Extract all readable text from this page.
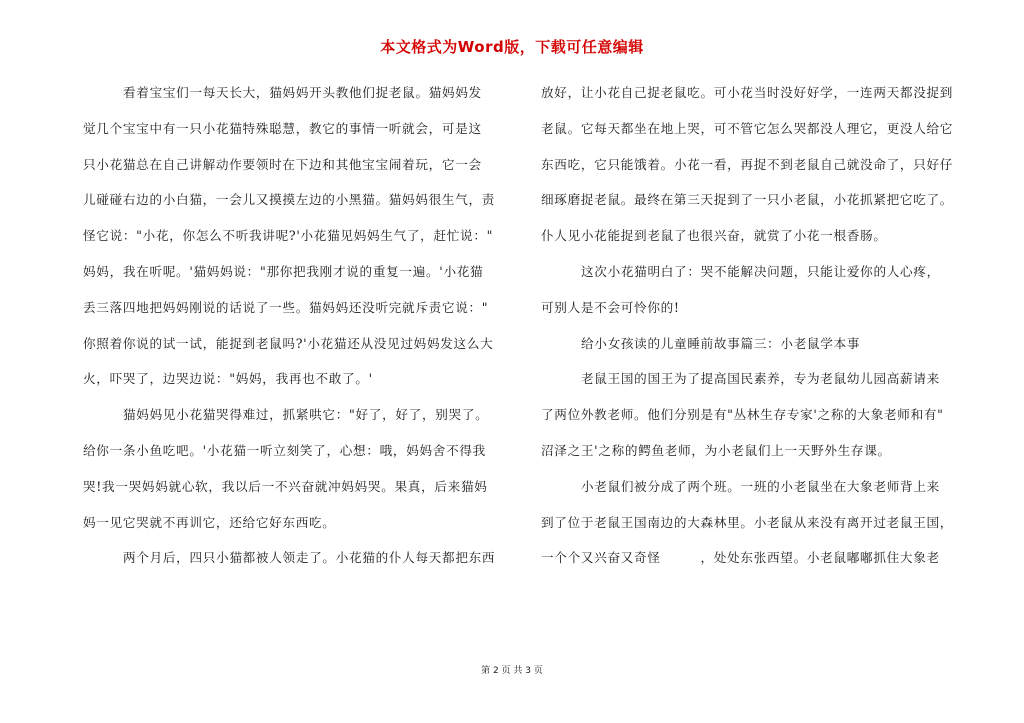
本文格式为Word版，下载可任意编辑
看着宝宝们一每天长大，猫妈妈开头教他们捉老鼠。猫妈妈发
觉几个宝宝中有一只小花猫特殊聪慧，教它的事情一听就会，可是这
只小花猫总在自己讲解动作要领时在下边和其他宝宝闹着玩，它一会
儿碰碰右边的小白猫，一会儿又摸摸左边的小黑猫。猫妈妈很生气，责
怪它说："小花，你怎么不听我讲呢?'小花猫见妈妈生气了，赶忙说："
妈妈，我在听呢。'猫妈妈说："那你把我刚才说的重复一遍。'小花猫
丢三落四地把妈妈刚说的话说了一些。猫妈妈还没听完就斥责它说："
你照着你说的试一试，能捉到老鼠吗?'小花猫还从没见过妈妈发这么大
火，吓哭了，边哭边说："妈妈，我再也不敢了。'
猫妈妈见小花猫哭得难过，抓紧哄它："好了，好了，别哭了。
给你一条小鱼吃吧。'小花猫一听立刻笑了，心想：哦，妈妈舍不得我
哭!我一哭妈妈就心软，我以后一不兴奋就冲妈妈哭。果真，后来猫妈
妈一见它哭就不再训它，还给它好东西吃。
两个月后，四只小猫都被人领走了。小花猫的仆人每天都把东西
放好，让小花自己捉老鼠吃。可小花当时没好好学，一连两天都没捉到
老鼠。它每天都坐在地上哭，可不管它怎么哭都没人理它，更没人给它
东西吃，它只能饿着。小花一看，再捉不到老鼠自己就没命了，只好仔
细琢磨捉老鼠。最终在第三天捉到了一只小老鼠，小花抓紧把它吃了。
仆人见小花能捉到老鼠了也很兴奋，就赏了小花一根香肠。
这次小花猫明白了：哭不能解决问题，只能让爱你的人心疼，
可别人是不会可怜你的!
给小女孩读的儿童睡前故事篇三：小老鼠学本事
老鼠王国的国王为了提高国民素养，专为老鼠幼儿园高薪请来
了两位外教老师。他们分别是有"丛林生存专家'之称的大象老师和有"
沼泽之王'之称的鳄鱼老师，为小老鼠们上一天野外生存课。
小老鼠们被分成了两个班。一班的小老鼠坐在大象老师背上来
到了位于老鼠王国南边的大森林里。小老鼠从来没有离开过老鼠王国，
一个个又兴奋又奇怪　　　，处处东张西望。小老鼠嘟嘟抓住大象老
第 2 页 共 3 页
